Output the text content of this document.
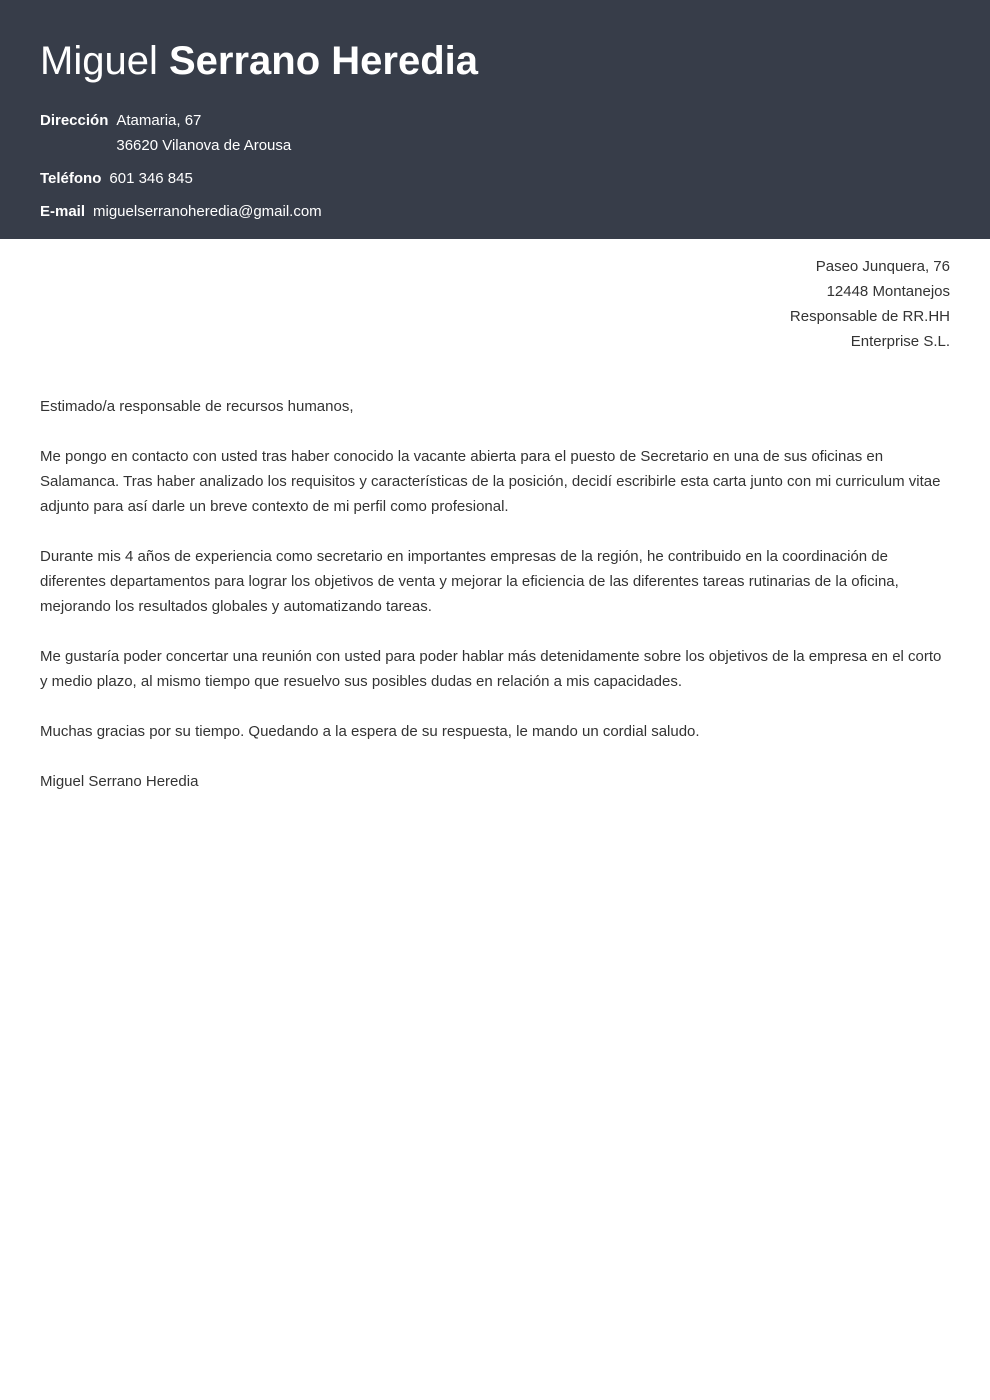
Miguel Serrano Heredia
Dirección Atamaria, 67
36620 Vilanova de Arousa
Teléfono 601 346 845
E-mail miguelserranoheredia@gmail.com
Paseo Junquera, 76
12448 Montanejos
Responsable de RR.HH
Enterprise S.L.

Estimado/a responsable de recursos humanos,

Me pongo en contacto con usted tras haber conocido la vacante abierta para el puesto de Secretario en una de sus oficinas en Salamanca. Tras haber analizado los requisitos y características de la posición, decidí escribirle esta carta junto con mi curriculum vitae adjunto para así darle un breve contexto de mi perfil como profesional.

Durante mis 4 años de experiencia como secretario en importantes empresas de la región, he contribuido en la coordinación de diferentes departamentos para lograr los objetivos de venta y mejorar la eficiencia de las diferentes tareas rutinarias de la oficina, mejorando los resultados globales y automatizando tareas.

Me gustaría poder concertar una reunión con usted para poder hablar más detenidamente sobre los objetivos de la empresa en el corto y medio plazo, al mismo tiempo que resuelvo sus posibles dudas en relación a mis capacidades.

Muchas gracias por su tiempo. Quedando a la espera de su respuesta, le mando un cordial saludo.

Miguel Serrano Heredia
